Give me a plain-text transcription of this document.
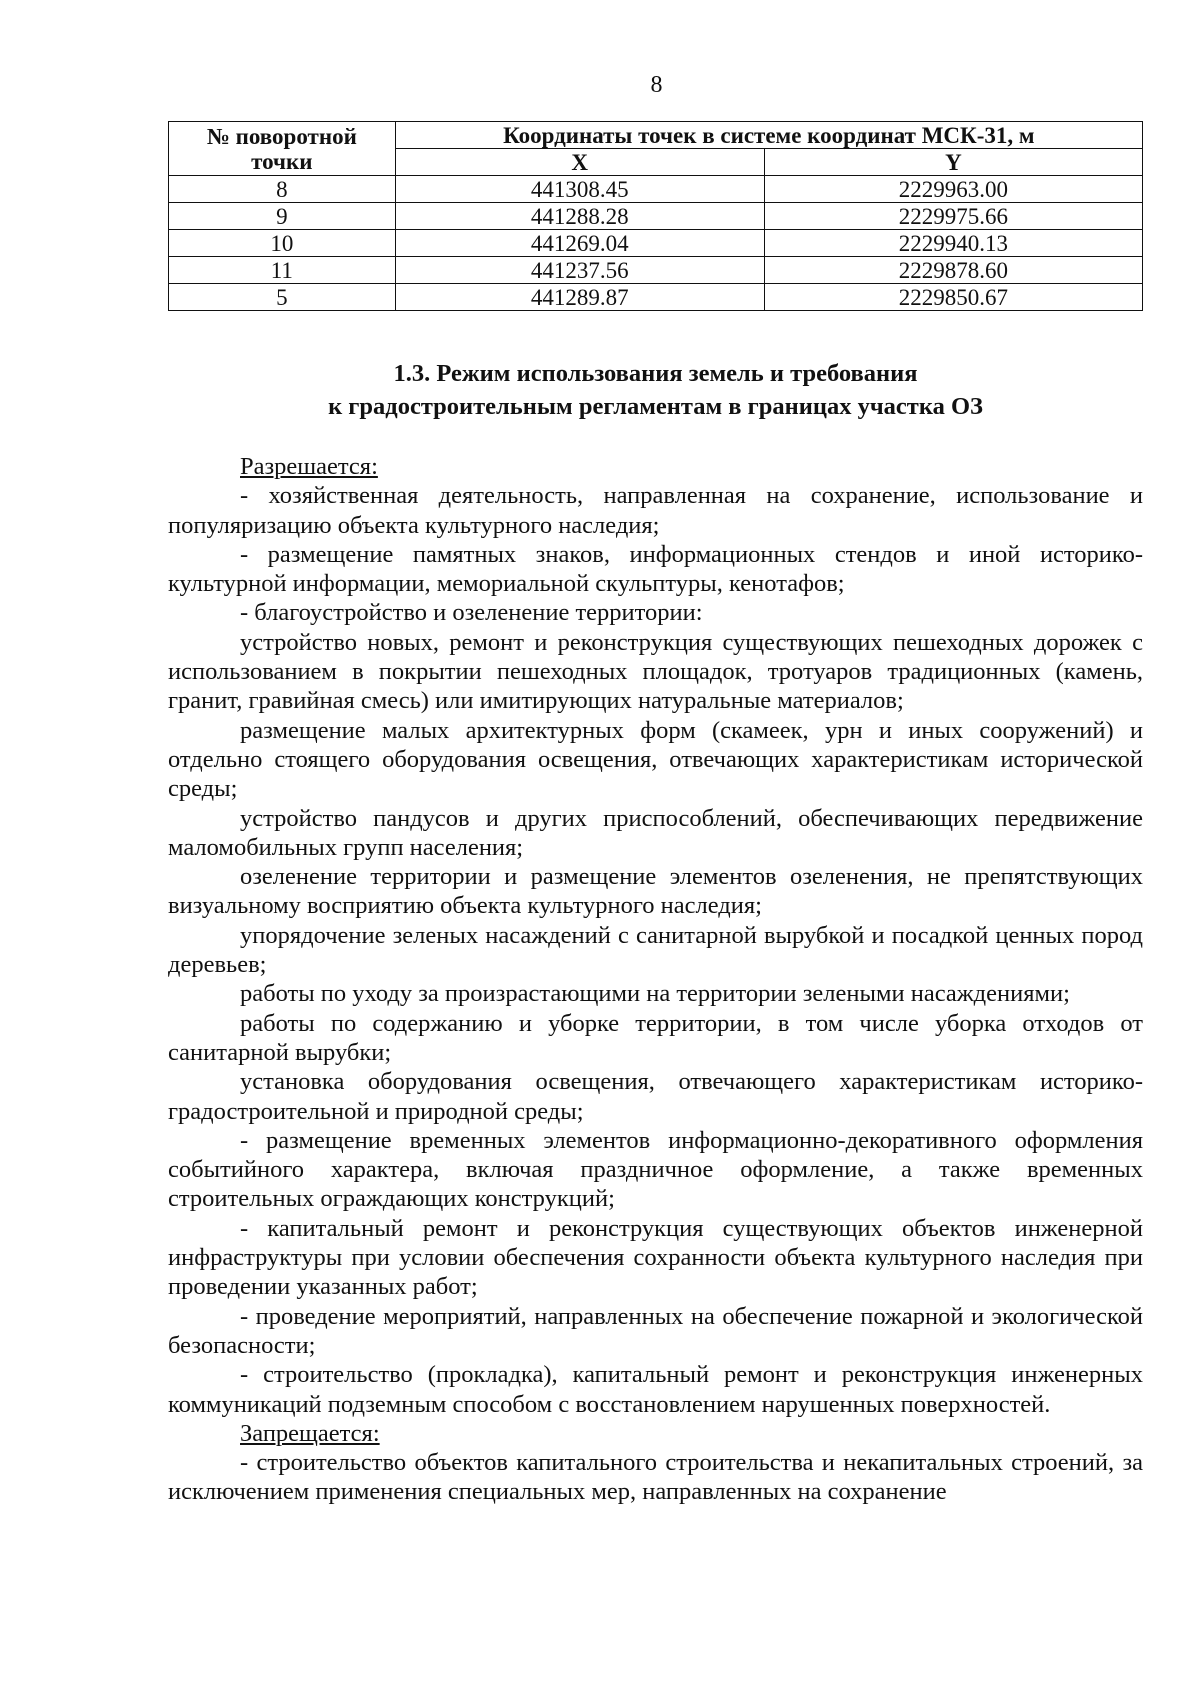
8
№ поворотной
точки	Координаты точек в системе координат МСК-31, м	
	X	Y
8	441308.45	2229963.00
9	441288.28	2229975.66
10	441269.04	2229940.13
11	441237.56	2229878.60
5	441289.87	2229850.67
1.3. Режим использования земель и требования
к градостроительным регламентам в границах участка ОЗ

Разрешается:

- хозяйственная деятельность, направленная на сохранение, использование и популяризацию объекта культурного наследия;

- размещение памятных знаков, информационных стендов и иной историко-культурной информации, мемориальной скульптуры, кенотафов;

- благоустройство и озеленение территории:

устройство новых, ремонт и реконструкция существующих пешеходных дорожек с использованием в покрытии пешеходных площадок, тротуаров традиционных (камень, гранит, гравийная смесь) или имитирующих натуральные материалов;

размещение малых архитектурных форм (скамеек, урн и иных сооружений) и отдельно стоящего оборудования освещения, отвечающих характеристикам исторической среды;

устройство пандусов и других приспособлений, обеспечивающих передвижение маломобильных групп населения;

озеленение территории и размещение элементов озеленения, не препятствующих визуальному восприятию объекта культурного наследия;

упорядочение зеленых насаждений с санитарной вырубкой и посадкой ценных пород деревьев;

работы по уходу за произрастающими на территории зелеными насаждениями;

работы по содержанию и уборке территории, в том числе уборка отходов от санитарной вырубки;

установка оборудования освещения, отвечающего характеристикам историко-градостроительной и природной среды;

- размещение временных элементов информационно-декоративного оформления событийного характера, включая праздничное оформление, а также временных строительных ограждающих конструкций;

- капитальный ремонт и реконструкция существующих объектов инженерной инфраструктуры при условии обеспечения сохранности объекта культурного наследия при проведении указанных работ;

- проведение мероприятий, направленных на обеспечение пожарной и экологической безопасности;

- строительство (прокладка), капитальный ремонт и реконструкция инженерных коммуникаций подземным способом с восстановлением нарушенных поверхностей.

Запрещается:

- строительство объектов капитального строительства и некапитальных строений, за исключением применения специальных мер, направленных на сохранение
